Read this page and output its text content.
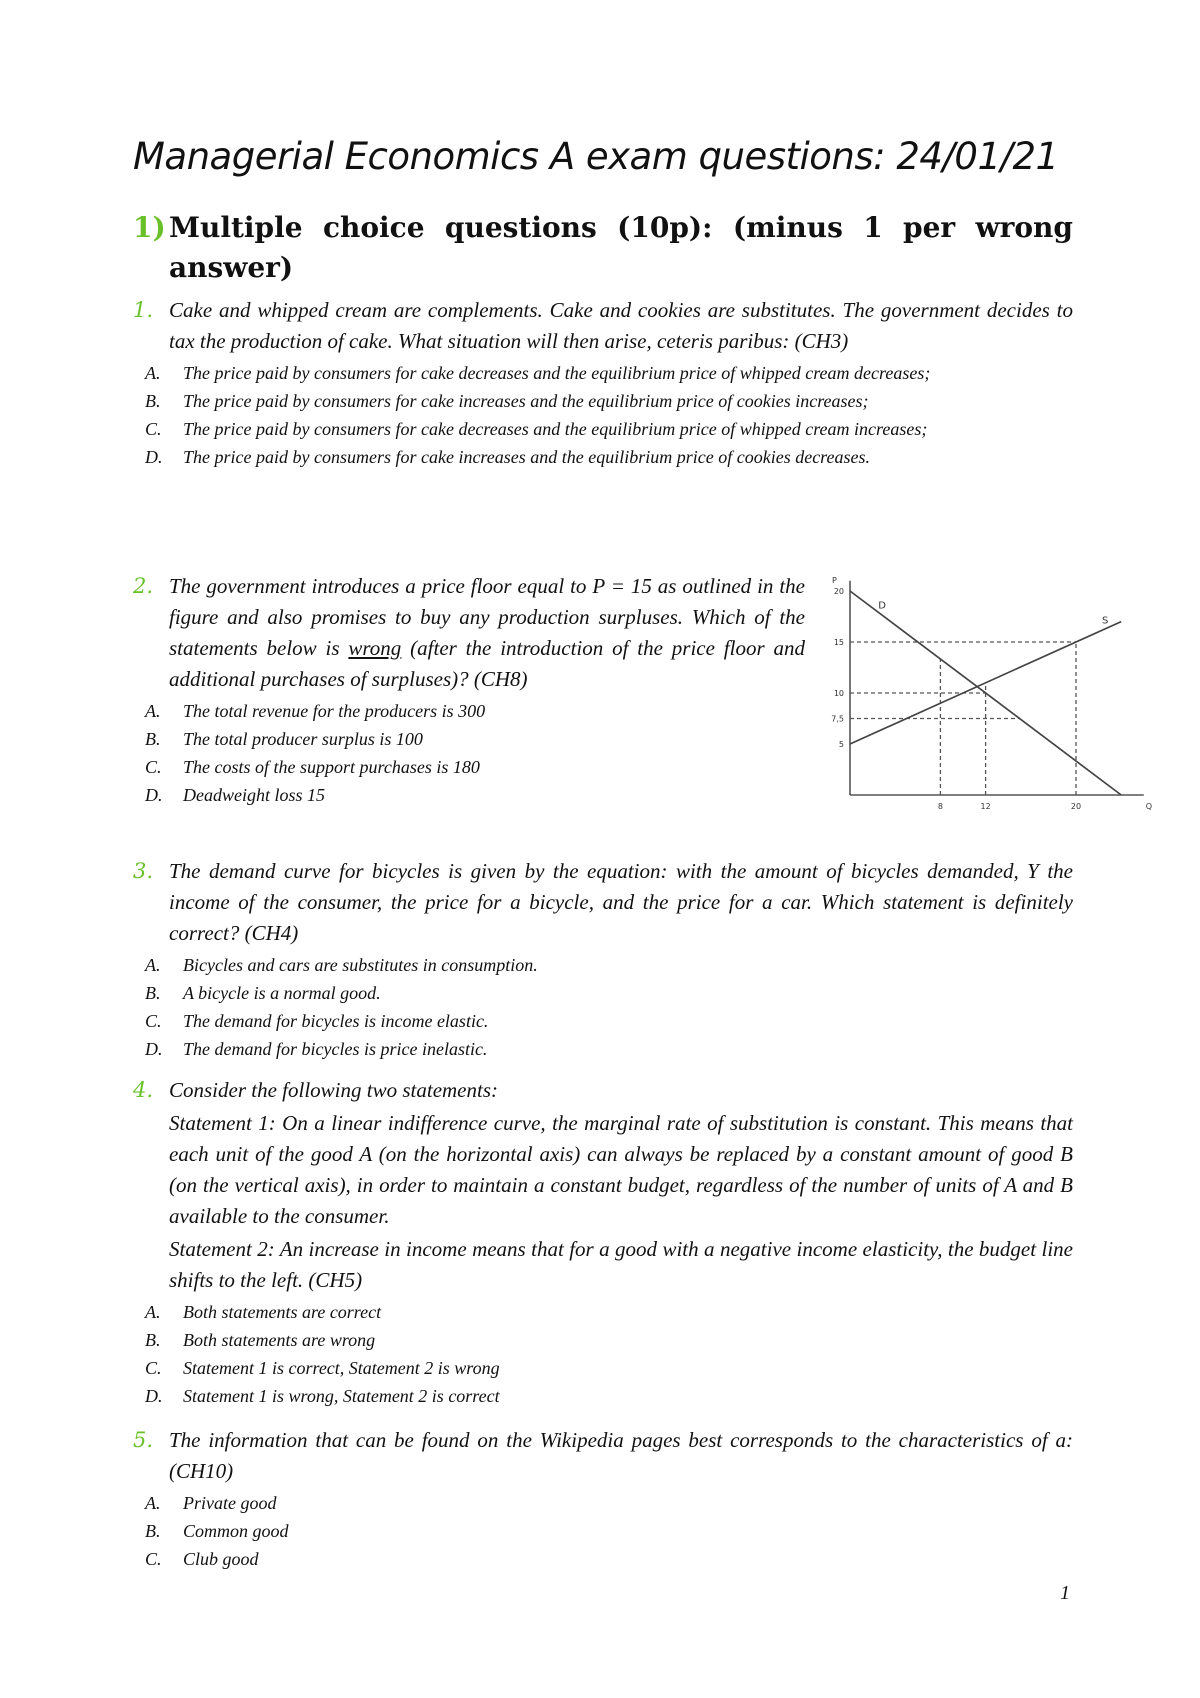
Managerial Economics A exam questions: 24/01/21
1) Multiple choice questions (10p): (minus 1 per wrong answer)
1. Cake and whipped cream are complements. Cake and cookies are substitutes. The government decides to tax the production of cake. What situation will then arise, ceteris paribus: (CH3)
A. The price paid by consumers for cake decreases and the equilibrium price of whipped cream decreases;
B. The price paid by consumers for cake increases and the equilibrium price of cookies increases;
C. The price paid by consumers for cake decreases and the equilibrium price of whipped cream increases;
D. The price paid by consumers for cake increases and the equilibrium price of cookies decreases.
2. The government introduces a price floor equal to P = 15 as outlined in the figure and also promises to buy any production surpluses. Which of the statements below is wrong (after the introduction of the price floor and additional purchases of surpluses)? (CH8)
A. The total revenue for the producers is 300
B. The total producer surplus is 100
C. The costs of the support purchases is 180
D. Deadweight loss 15
D
S
P
Q
20
15
10
7,5
5
8	12	20
3. The demand curve for bicycles is given by the equation: with the amount of bicycles demanded, Y the income of the consumer, the price for a bicycle, and the price for a car. Which statement is definitely correct? (CH4)
A. Bicycles and cars are substitutes in consumption.
B. A bicycle is a normal good.
C. The demand for bicycles is income elastic.
D. The demand for bicycles is price inelastic.
4. Consider the following two statements:
Statement 1: On a linear indifference curve, the marginal rate of substitution is constant. This means that each unit of the good A (on the horizontal axis) can always be replaced by a constant amount of good B (on the vertical axis), in order to maintain a constant budget, regardless of the number of units of A and B available to the consumer.
Statement 2: An increase in income means that for a good with a negative income elasticity, the budget line shifts to the left. (CH5)
A. Both statements are correct
B. Both statements are wrong
C. Statement 1 is correct, Statement 2 is wrong
D. Statement 1 is wrong, Statement 2 is correct
5. The information that can be found on the Wikipedia pages best corresponds to the characteristics of a: (CH10)
A. Private good
B. Common good
C. Club good
1
